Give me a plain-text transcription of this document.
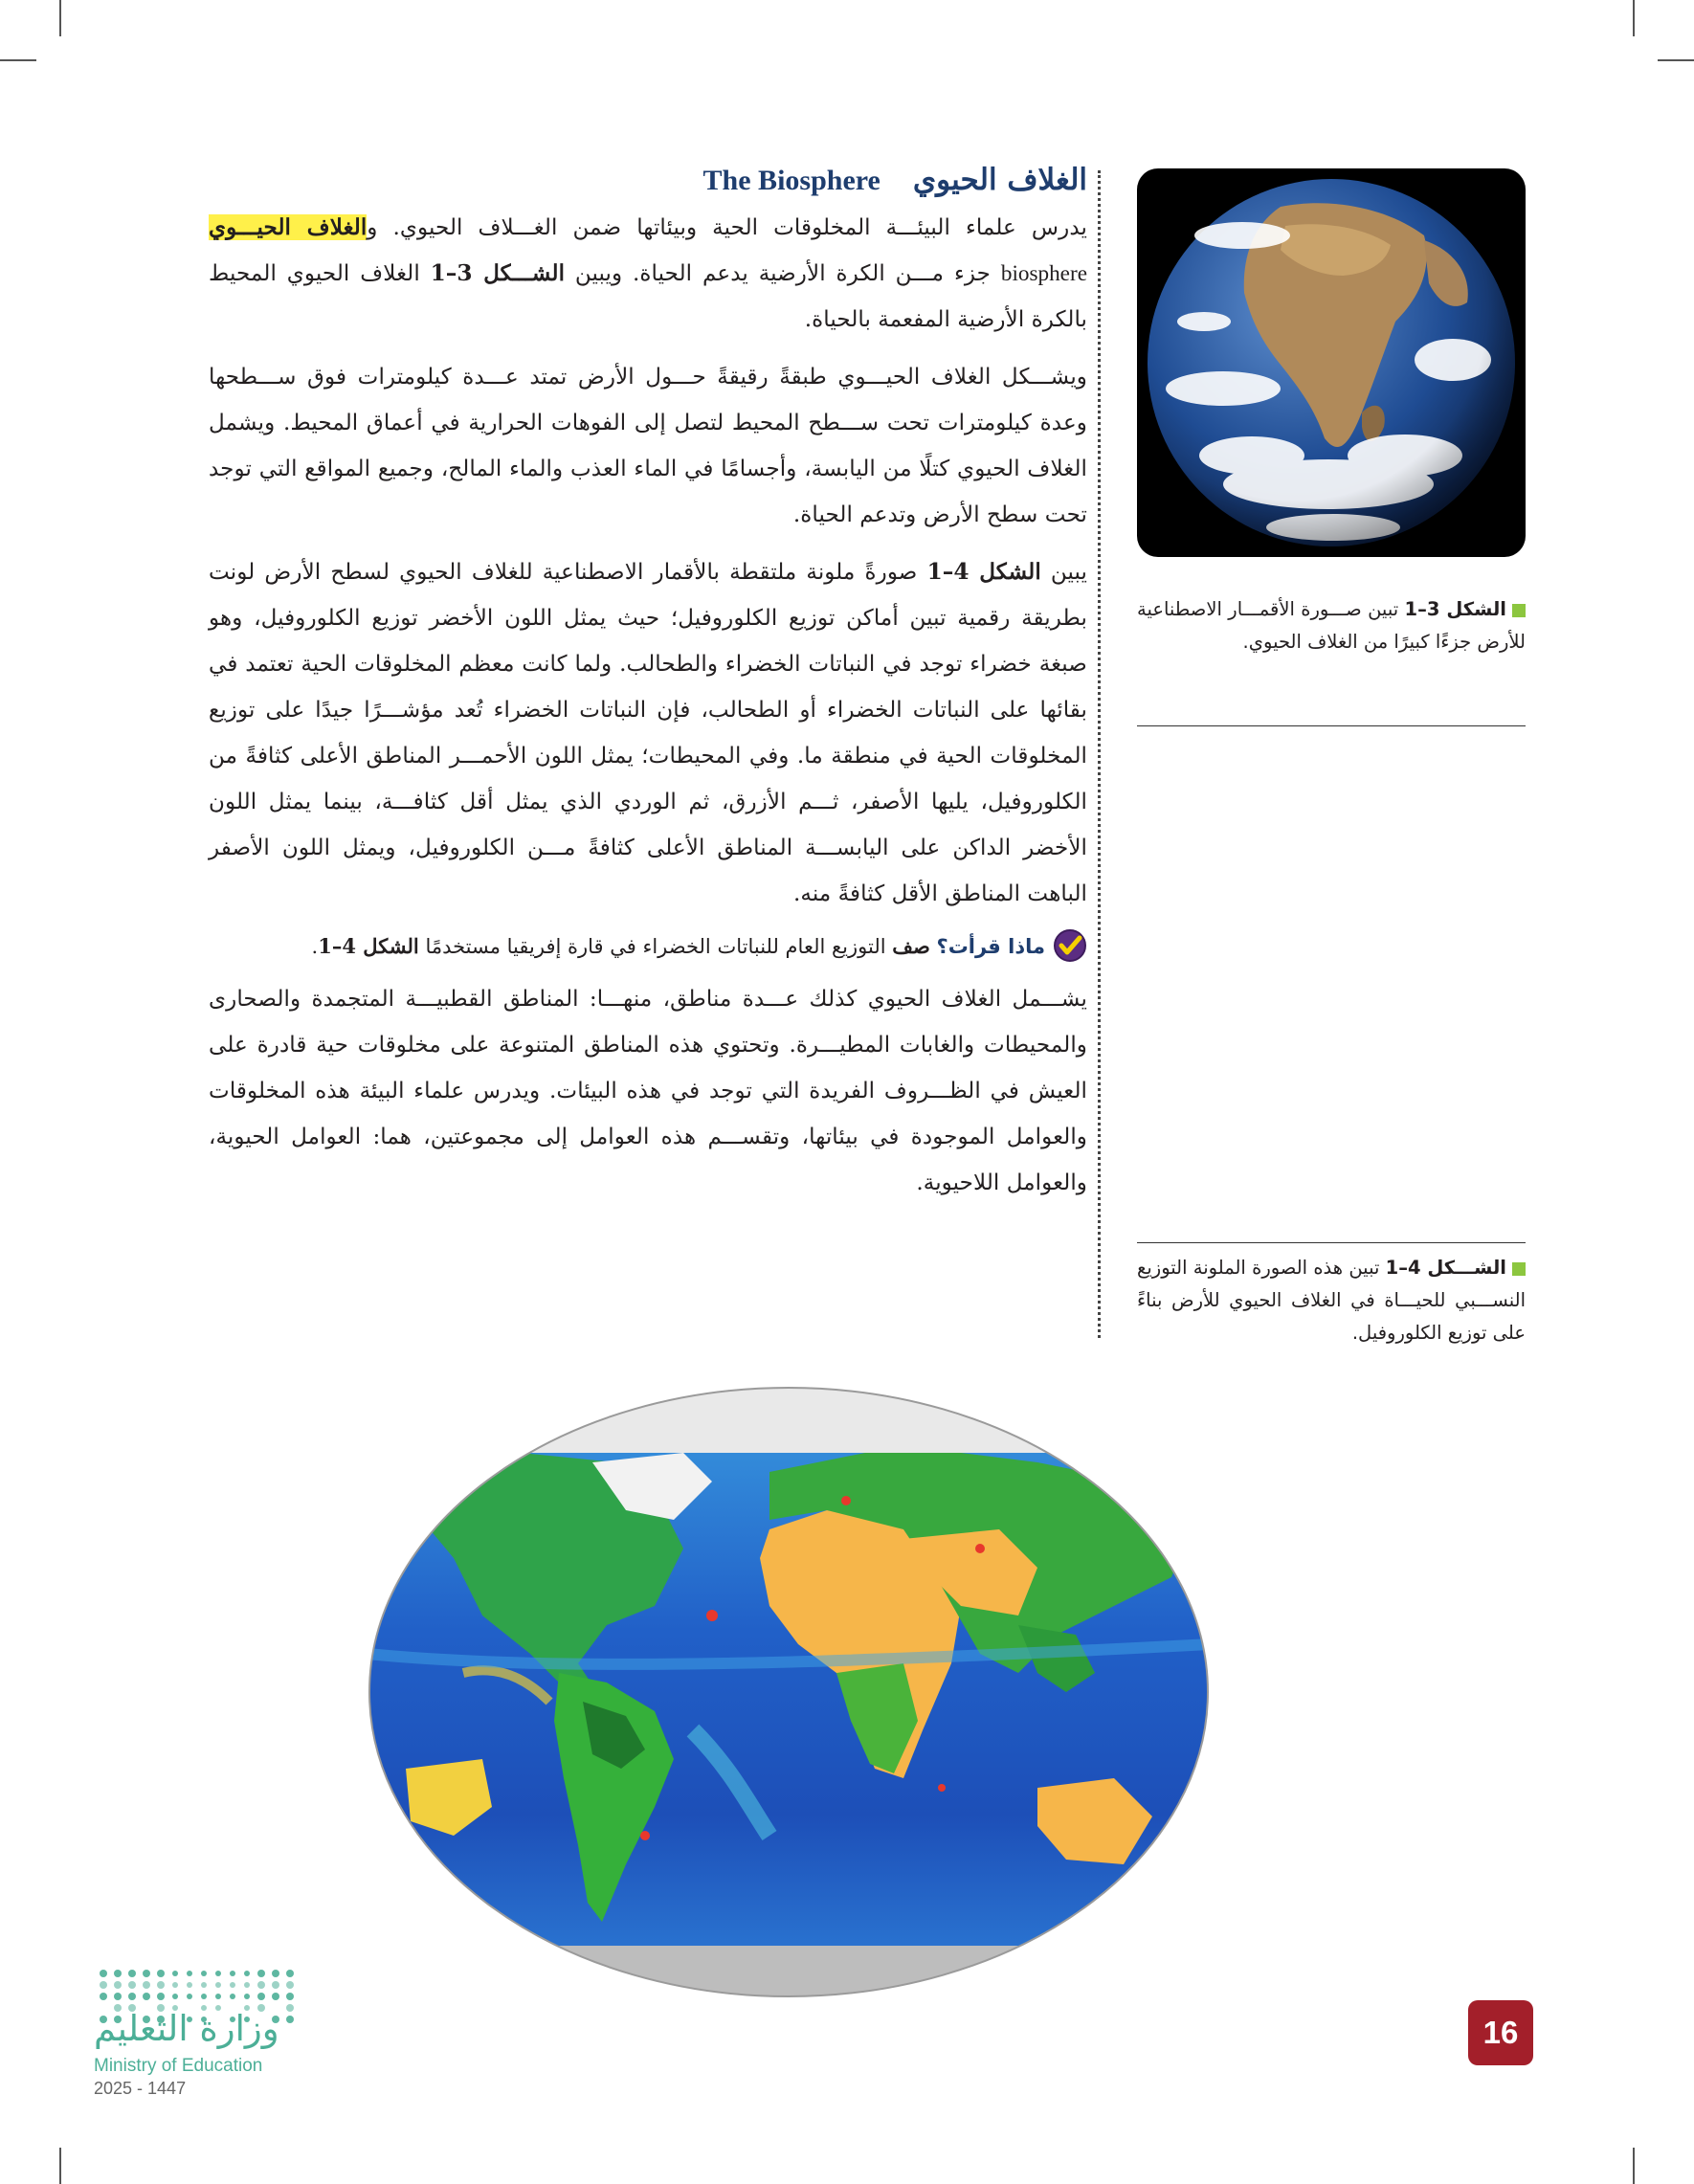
الغلاف الحيوي
The Biosphere

يدرس علماء البيئـــة المخلوقات الحية وبيئاتها ضمن الغـــلاف الحيوي. والغلاف الحيـــوي biosphere جزء مـــن الكرة الأرضية يدعم الحياة. ويبين الشـــكل 3–1 الغلاف الحيوي المحيط بالكرة الأرضية المفعمة بالحياة.

ويشـــكل الغلاف الحيـــوي طبقةً رقيقةً حـــول الأرض تمتد عـــدة كيلومترات فوق ســـطحها وعدة كيلومترات تحت ســـطح المحيط لتصل إلى الفوهات الحرارية في أعماق المحيط. ويشمل الغلاف الحيوي كتلًا من اليابسة، وأجسامًا في الماء العذب والماء المالح، وجميع المواقع التي توجد تحت سطح الأرض وتدعم الحياة.

يبين الشكل 4–1 صورةً ملونة ملتقطة بالأقمار الاصطناعية للغلاف الحيوي لسطح الأرض لونت بطريقة رقمية تبين أماكن توزيع الكلوروفيل؛ حيث يمثل اللون الأخضر توزيع الكلوروفيل، وهو صبغة خضراء توجد في النباتات الخضراء والطحالب. ولما كانت معظم المخلوقات الحية تعتمد في بقائها على النباتات الخضراء أو الطحالب، فإن النباتات الخضراء تُعد مؤشـــرًا جيدًا على توزيع المخلوقات الحية في منطقة ما. وفي المحيطات؛ يمثل اللون الأحمـــر المناطق الأعلى كثافةً من الكلوروفيل، يليها الأصفر، ثـــم الأزرق، ثم الوردي الذي يمثل أقل كثافـــة، بينما يمثل اللون الأخضر الداكن على اليابســـة المناطق الأعلى كثافةً مـــن الكلوروفيل، ويمثل اللون الأصفر الباهت المناطق الأقل كثافةً منه.

ماذا قرأت؟ صف التوزيع العام للنباتات الخضراء في قارة إفريقيا مستخدمًا الشكل 4–1.

يشـــمل الغلاف الحيوي كذلك عـــدة مناطق، منهـــا: المناطق القطبيـــة المتجمدة والصحارى والمحيطات والغابات المطيـــرة. وتحتوي هذه المناطق المتنوعة على مخلوقات حية قادرة على العيش في الظـــروف الفريدة التي توجد في هذه البيئات. ويدرس علماء البيئة هذه المخلوقات والعوامل الموجودة في بيئاتها، وتقســـم هذه العوامل إلى مجموعتين، هما: العوامل الحيوية، والعوامل اللاحيوية.

الشكل 3–1 تبين صـــورة الأقمـــار الاصطناعية للأرض جزءًا كبيرًا من الغلاف الحيوي.
الشـــكل 4–1 تبين هذه الصورة الملونة التوزيع النســـبي للحيـــاة في الغلاف الحيوي للأرض بناءً على توزيع الكلوروفيل.
وزارة التعليم
Ministry of Education
2025 - 1447
16
